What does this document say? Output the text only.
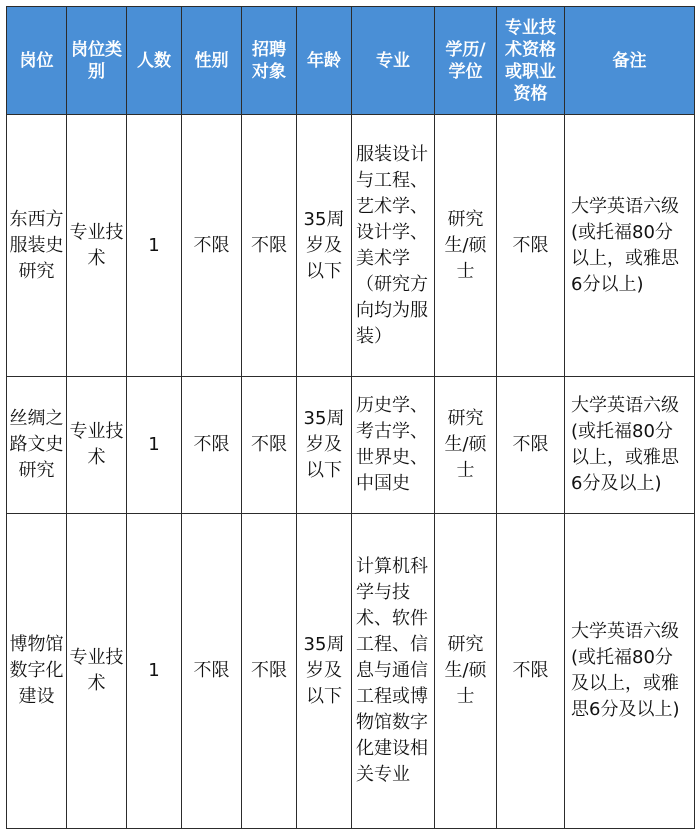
岗位	岗位类别	人数	性别	招聘对象	年龄	专业	学历/学位	专业技术资格或职业资格	备注
东西方服装史研究	专业技术	1	不限	不限	35周岁及以下	服装设计与工程、艺术学、设计学、美术学（研究方向均为服装）	研究生/硕士	不限	大学英语六级(或托福80分以上，或雅思6分以上)
丝绸之路文史研究	专业技术	1	不限	不限	35周岁及以下	历史学、考古学、世界史、中国史	研究生/硕士	不限	大学英语六级(或托福80分以上，或雅思6分及以上)
博物馆数字化建设	专业技术	1	不限	不限	35周岁及以下	计算机科学与技术、软件工程、信息与通信工程或博物馆数字化建设相关专业	研究生/硕士	不限	大学英语六级(或托福80分及以上，或雅思6分及以上)
